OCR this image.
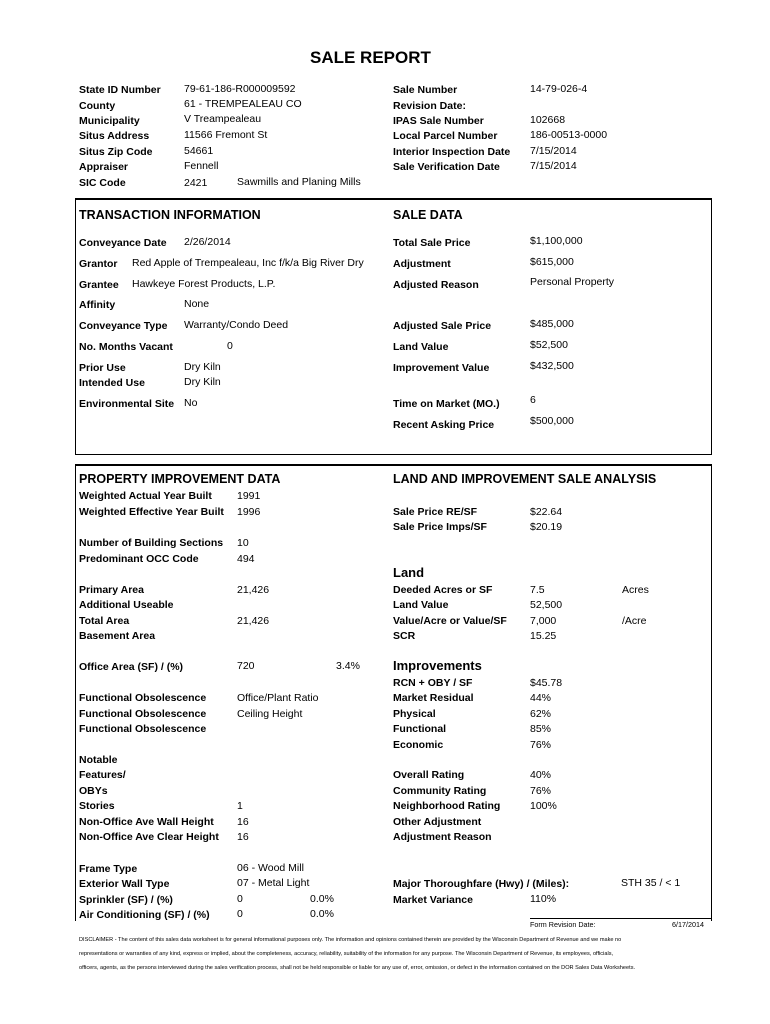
SALE REPORT
State ID Number 79-61-186-R000009592
County	61 - TREMPEALEAU CO
Municipality	V Treampealeau
Situs Address	11566 Fremont St
Situs Zip Code	54661
Appraiser	Fennell
SIC Code	2421	Sawmills and Planing Mills
Sale Number	14-79-026-4
Revision Date:
IPAS Sale Number	102668
Local Parcel Number	186-00513-0000
Interior Inspection Date 7/15/2014
Sale Verification Date	7/15/2014
TRANSACTION INFORMATION	SALE DATA
Conveyance Date 2/26/2014
Grantor Red Apple of Trempealeau, Inc f/k/a Big River Dry
Grantee Hawkeye Forest Products, L.P.
Affinity	None
Conveyance Type Warranty/Condo Deed
No. Months Vacant	0
Prior Use	Dry Kiln
Intended Use	Dry Kiln
Environmental Site No
Total Sale Price	$1,100,000
Adjustment	$615,000
Adjusted Reason	Personal Property
Adjusted Sale Price	$485,000
Land Value	$52,500
Improvement Value	$432,500
Time on Market (MO.)	6
Recent Asking Price	$500,000
PROPERTY IMPROVEMENT DATA	LAND AND IMPROVEMENT SALE ANALYSIS
Weighted Actual Year Built 1991
Weighted Effective Year Built 1996
Number of Building Sections 10
Predominant OCC Code	494
Primary Area	21,426
Additional Useable
Total Area	21,426
Basement Area
Office Area (SF) / (%)	720	3.4%
Functional Obsolescence	Office/Plant Ratio
Functional Obsolescence	Ceiling Height
Functional Obsolescence
Notable
Features/
OBYs
Stories	1
Non-Office Ave Wall Height 16
Non-Office Ave Clear Height 16
Frame Type	06 - Wood Mill
Exterior Wall Type	07 - Metal Light
Sprinkler (SF) / (%)	0	0.0%
Air Conditioning (SF) / (%)	0	0.0%
Sale Price RE/SF	$22.64
Sale Price Imps/SF	$20.19
Land
Deeded Acres or SF	7.5	Acres
Land Value	52,500
Value/Acre or Value/SF 7,000	/Acre
SCR	15.25
Improvements
RCN + OBY / SF	$45.78
Market Residual	44%
Physical	62%
Functional	85%
Economic	76%
Overall Rating	40%
Community Rating	76%
Neighborhood Rating	100%
Other Adjustment
Adjustment Reason
Major Thoroughfare (Hwy) / (Miles):	STH 35 / < 1
Market Variance	110%
Form Revision Date:	6/17/2014
DISCLAIMER - The content of this sales data worksheet is for general informational purposes only. The information and opinions contained therein are provided by the Wisconsin Department of Revenue and we make no
representations or warranties of any kind, express or implied, about the completeness, accuracy, reliability, suitability of the information for any purpose. The Wisconsin Department of Revenue, its employees, officials,
officers, agents, as the persons interviewed during the sales verification process, shall not be held responsible or liable for any use of, error, omission, or defect in the information contained on the DOR Sales Data Worksheets.
